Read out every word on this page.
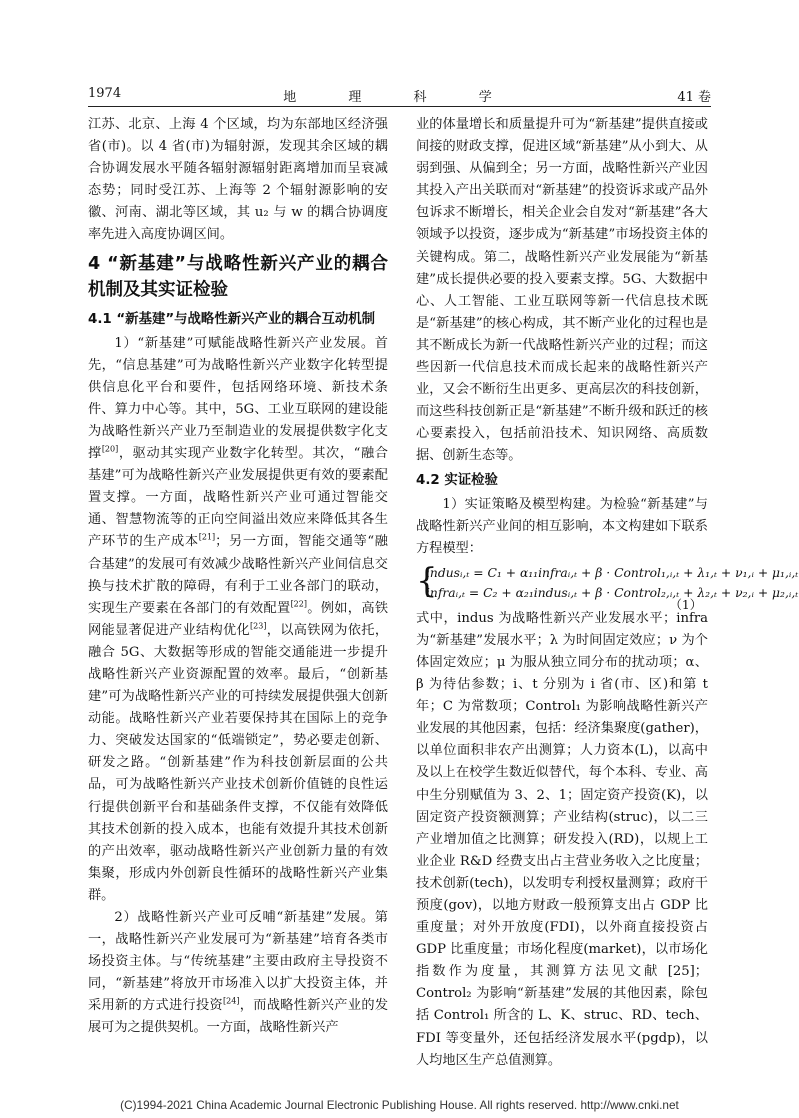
1974	地 理 科 学	41 卷

江苏、北京、上海 4 个区域，均为东部地区经济强省(市)。以 4 省(市)为辐射源，发现其余区域的耦合协调发展水平随各辐射源辐射距离增加而呈衰减态势；同时受江苏、上海等 2 个辐射源影响的安徽、河南、湖北等区域，其 u₂ 与 w 的耦合协调度率先进入高度协调区间。

4 “新基建”与战略性新兴产业的耦合机制及其实证检验
4.1 “新基建”与战略性新兴产业的耦合互动机制

1）“新基建”可赋能战略性新兴产业发展。首先，“信息基建”可为战略性新兴产业数字化转型提供信息化平台和要件，包括网络环境、新技术条件、算力中心等。其中，5G、工业互联网的建设能为战略性新兴产业乃至制造业的发展提供数字化支撑[20]，驱动其实现产业数字化转型。其次，“融合基建”可为战略性新兴产业发展提供更有效的要素配置支撑。一方面，战略性新兴产业可通过智能交通、智慧物流等的正向空间溢出效应来降低其各生产环节的生产成本[21]；另一方面，智能交通等“融合基建”的发展可有效减少战略性新兴产业间信息交换与技术扩散的障碍，有利于工业各部门的联动，实现生产要素在各部门的有效配置[22]。例如，高铁网能显著促进产业结构优化[23]，以高铁网为依托，融合 5G、大数据等形成的智能交通能进一步提升战略性新兴产业资源配置的效率。最后，“创新基建”可为战略性新兴产业的可持续发展提供强大创新动能。战略性新兴产业若要保持其在国际上的竞争力、突破发达国家的“低端锁定”，势必要走创新、研发之路。“创新基建”作为科技创新层面的公共品，可为战略性新兴产业技术创新价值链的良性运行提供创新平台和基础条件支撑，不仅能有效降低其技术创新的投入成本，也能有效提升其技术创新的产出效率，驱动战略性新兴产业创新力量的有效集聚，形成内外创新良性循环的战略性新兴产业集群。

2）战略性新兴产业可反哺“新基建”发展。第一，战略性新兴产业发展可为“新基建”培育各类市场投资主体。与“传统基建”主要由政府主导投资不同，“新基建”将放开市场准入以扩大投资主体，并采用新的方式进行投资[24]，而战略性新兴产业的发展可为之提供契机。一方面，战略性新兴产

业的体量增长和质量提升可为“新基建”提供直接或间接的财政支撑，促进区域“新基建”从小到大、从弱到强、从偏到全；另一方面，战略性新兴产业因其投入产出关联而对“新基建”的投资诉求或产品外包诉求不断增长，相关企业会自发对“新基建”各大领域予以投资，逐步成为“新基建”市场投资主体的关键构成。第二，战略性新兴产业发展能为“新基建”成长提供必要的投入要素支撑。5G、大数据中心、人工智能、工业互联网等新一代信息技术既是“新基建”的核心构成，其不断产业化的过程也是其不断成长为新一代战略性新兴产业的过程；而这些因新一代信息技术而成长起来的战略性新兴产业，又会不断衍生出更多、更高层次的科技创新，而这些科技创新正是“新基建”不断升级和跃迁的核心要素投入，包括前沿技术、知识网络、高质数据、创新生态等。

4.2 实证检验

1）实证策略及模型构建。为检验“新基建”与战略性新兴产业间的相互影响，本文构建如下联系方程模型：

{
indusᵢ,ₜ = C₁ + α₁₁infraᵢ,ₜ + β · Control₁,ᵢ,ₜ + λ₁,ₜ + ν₁,ᵢ + μ₁,ᵢ,ₜ
infraᵢ,ₜ = C₂ + α₂₁indusᵢ,ₜ + β · Control₂,ᵢ,ₜ + λ₂,ₜ + ν₂,ᵢ + μ₂,ᵢ,ₜ
（1）

式中，indus 为战略性新兴产业发展水平；infra 为“新基建”发展水平；λ 为时间固定效应；ν 为个体固定效应；μ 为服从独立同分布的扰动项；α、β 为待估参数；i、t 分别为 i 省(市、区)和第 t 年；C 为常数项；Control₁ 为影响战略性新兴产业发展的其他因素，包括：经济集聚度(gather)，以单位面积非农产出测算；人力资本(L)，以高中及以上在校学生数近似替代，每个本科、专业、高中生分别赋值为 3、2、1；固定资产投资(K)，以固定资产投资额测算；产业结构(struc)，以二三产业增加值之比测算；研发投入(RD)，以规上工业企业 R&D 经费支出占主营业务收入之比度量；技术创新(tech)，以发明专利授权量测算；政府干预度(gov)，以地方财政一般预算支出占 GDP 比重度量；对外开放度(FDI)，以外商直接投资占 GDP 比重度量；市场化程度(market)，以市场化指数作为度量，其测算方法见文献 [25]；Control₂ 为影响“新基建”发展的其他因素，除包括 Control₁ 所含的 L、K、struc、RD、tech、FDI 等变量外，还包括经济发展水平(pgdp)，以人均地区生产总值测算。

(C)1994-2021 China Academic Journal Electronic Publishing House. All rights reserved. http://www.cnki.net
